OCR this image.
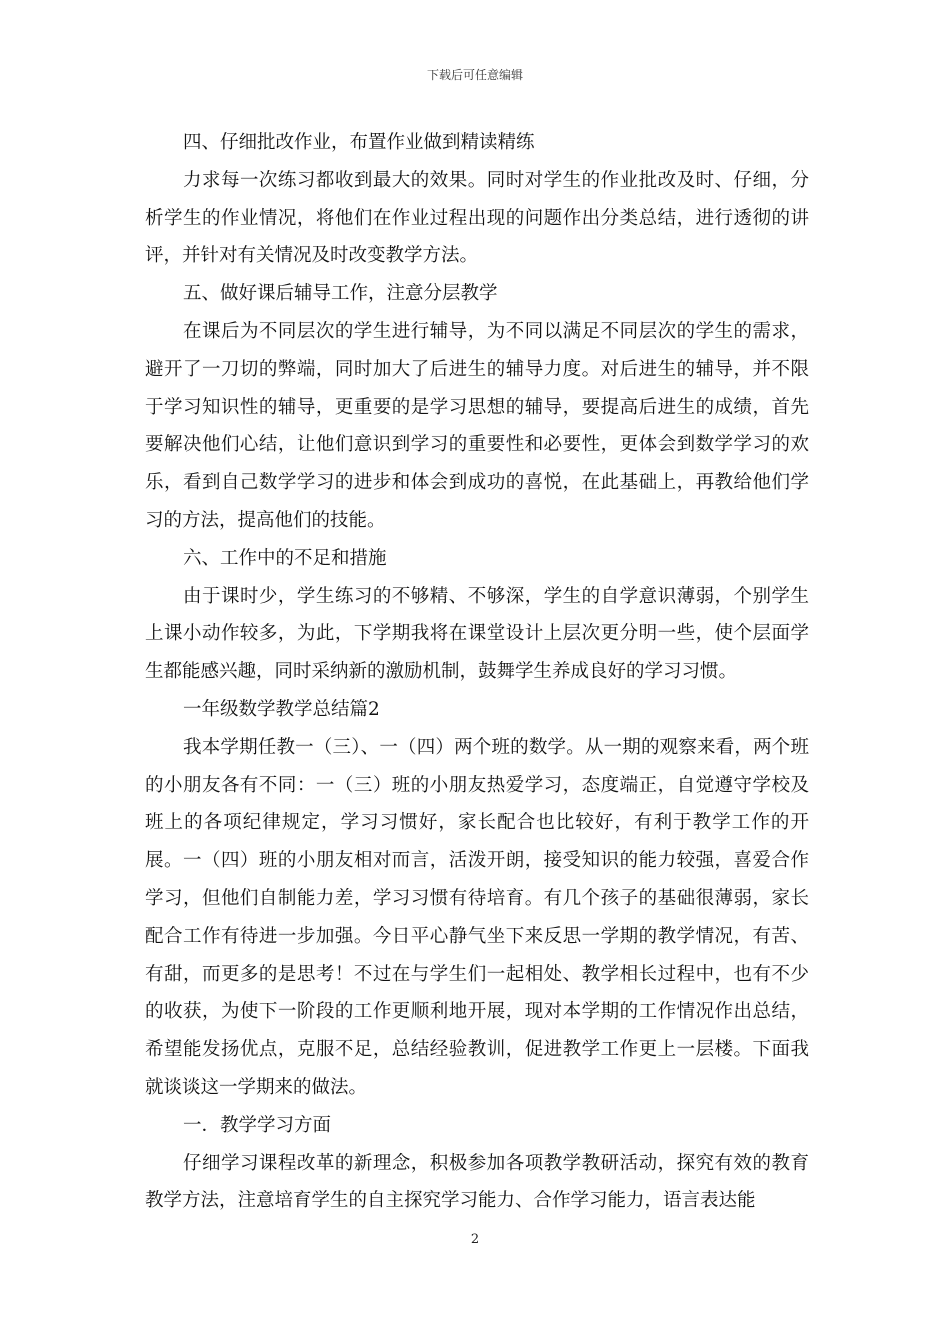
下载后可任意编辑

四、仔细批改作业，布置作业做到精读精练

力求每一次练习都收到最大的效果。同时对学生的作业批改及时、仔细，分析学生的作业情况，将他们在作业过程出现的问题作出分类总结，进行透彻的讲评，并针对有关情况及时改变教学方法。

五、做好课后辅导工作，注意分层教学

在课后为不同层次的学生进行辅导，为不同以满足不同层次的学生的需求，避开了一刀切的弊端，同时加大了后进生的辅导力度。对后进生的辅导，并不限于学习知识性的辅导，更重要的是学习思想的辅导，要提高后进生的成绩，首先要解决他们心结，让他们意识到学习的重要性和必要性，更体会到数学学习的欢乐，看到自己数学学习的进步和体会到成功的喜悦，在此基础上，再教给他们学习的方法，提高他们的技能。

六、工作中的不足和措施

由于课时少，学生练习的不够精、不够深，学生的自学意识薄弱，个别学生上课小动作较多，为此，下学期我将在课堂设计上层次更分明一些，使个层面学生都能感兴趣，同时采纳新的激励机制，鼓舞学生养成良好的学习习惯。

一年级数学教学总结篇2

我本学期任教一（三）、一（四）两个班的数学。从一期的观察来看，两个班的小朋友各有不同：一（三）班的小朋友热爱学习，态度端正，自觉遵守学校及班上的各项纪律规定，学习习惯好，家长配合也比较好，有利于教学工作的开展。一（四）班的小朋友相对而言，活泼开朗，接受知识的能力较强，喜爱合作学习，但他们自制能力差，学习习惯有待培育。有几个孩子的基础很薄弱，家长配合工作有待进一步加强。今日平心静气坐下来反思一学期的教学情况，有苦、有甜，而更多的是思考！不过在与学生们一起相处、教学相长过程中，也有不少的收获，为使下一阶段的工作更顺利地开展，现对本学期的工作情况作出总结，希望能发扬优点，克服不足，总结经验教训，促进教学工作更上一层楼。下面我就谈谈这一学期来的做法。

一．教学学习方面

仔细学习课程改革的新理念，积极参加各项教学教研活动，探究有效的教育教学方法，注意培育学生的自主探究学习能力、合作学习能力，语言表达能

2
